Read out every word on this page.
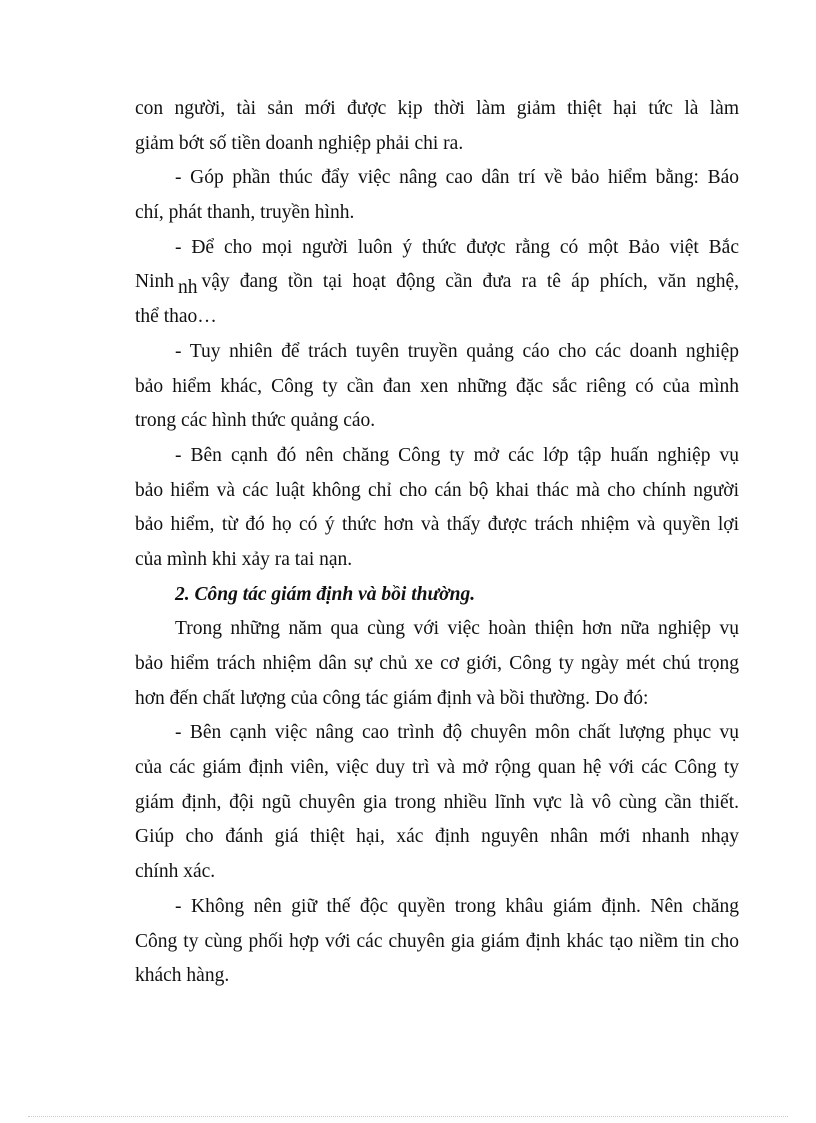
con người, tài sản mới được kịp thời làm giảm thiệt hại tức là làm
giảm bớt số tiền doanh nghiệp phải chi ra.
- Góp phần thúc đẩy việc nâng cao dân trí về bảo hiểm bằng: Báo
chí, phát thanh, truyền hình.
- Để cho mọi người luôn ý thức được rằng có một Bảo việt Bắc
Ninh nh vậy đang tồn tại hoạt động cần đưa ra tê áp phích, văn nghệ,
thể thao…
- Tuy nhiên để trách tuyên truyền quảng cáo cho các doanh nghiệp
bảo hiểm khác, Công ty cần đan xen những đặc sắc riêng có của mình
trong các hình thức quảng cáo.
- Bên cạnh đó nên chăng Công ty mở các lớp tập huấn nghiệp vụ
bảo hiểm và các luật không chỉ cho cán bộ khai thác mà cho chính người
bảo hiểm, từ đó họ có ý thức hơn và thấy được trách nhiệm và quyền lợi
của mình khi xảy ra tai nạn.
2. Công tác giám định và bồi thường.
Trong những năm qua cùng với việc hoàn thiện hơn nữa nghiệp vụ
bảo hiểm trách nhiệm dân sự chủ xe cơ giới, Công ty ngày mét chú trọng
hơn đến chất lượng của công tác giám định và bồi thường. Do đó:
- Bên cạnh việc nâng cao trình độ chuyên môn chất lượng phục vụ
của các giám định viên, việc duy trì và mở rộng quan hệ với các Công ty
giám định, đội ngũ chuyên gia trong nhiều lĩnh vực là vô cùng cần thiết.
Giúp cho đánh giá thiệt hại, xác định nguyên nhân mới nhanh nhạy
chính xác.
- Không nên giữ thế độc quyền trong khâu giám định. Nên chăng
Công ty cùng phối hợp với các chuyên gia giám định khác tạo niềm tin cho
khách hàng.
